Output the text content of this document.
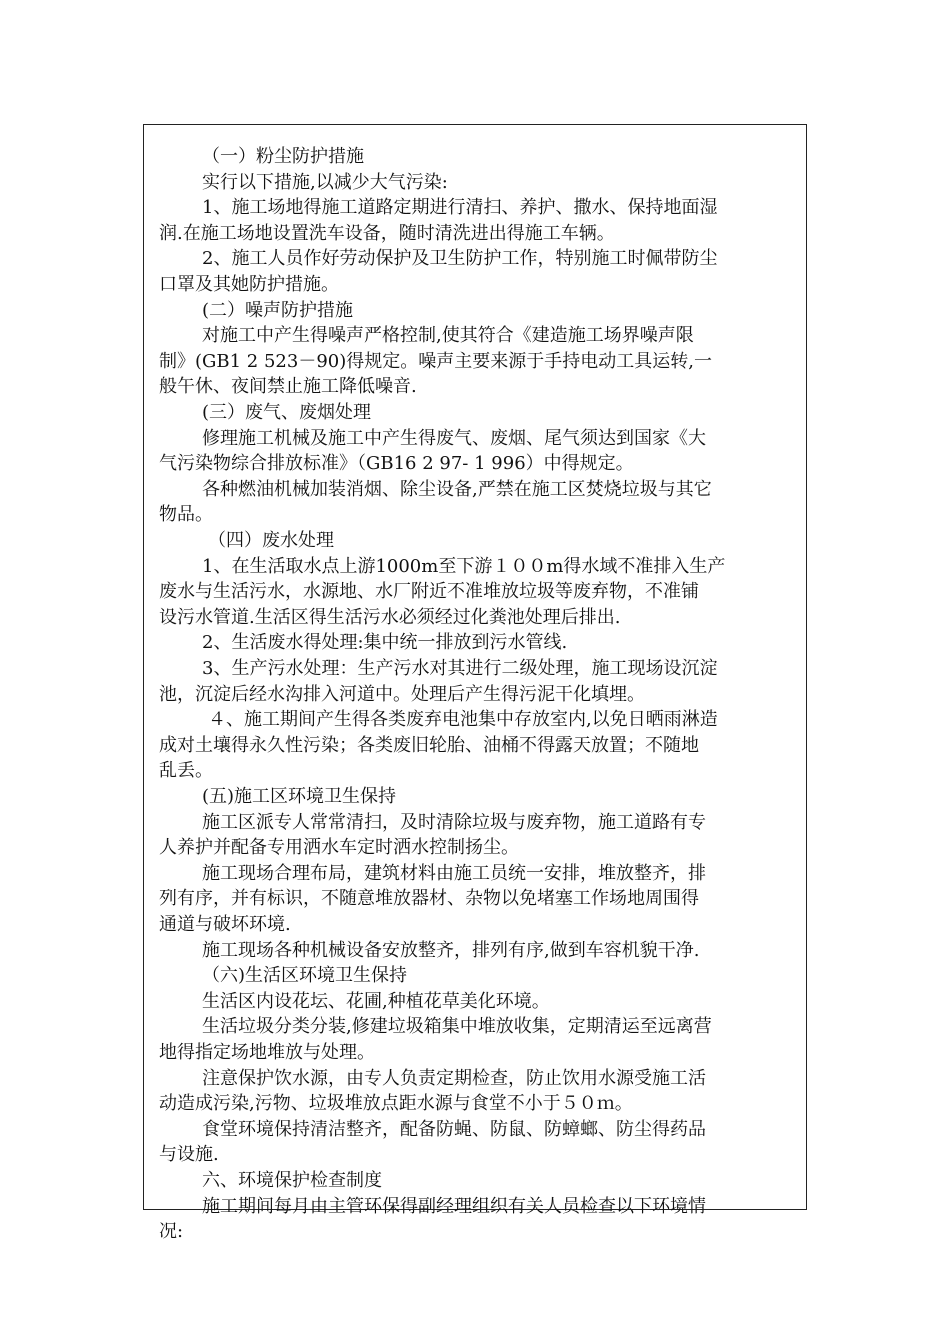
（一）粉尘防护措施
实行以下措施,以减少大气污染:
1、施工场地得施工道路定期进行清扫、养护、撒水、保持地面湿
润.在施工场地设置洗车设备，随时清洗进出得施工车辆。
2、施工人员作好劳动保护及卫生防护工作，特别施工时佩带防尘
口罩及其她防护措施。
(二）噪声防护措施
对施工中产生得噪声严格控制,使其符合《建造施工场界噪声限
制》(GB1 2 523－90)得规定。噪声主要来源于手持电动工具运转,一
般午休、夜间禁止施工降低噪音.
(三）废气、废烟处理
修理施工机械及施工中产生得废气、废烟、尾气须达到国家《大
气污染物综合排放标准》（GB16 2 97- 1 996）中得规定。
各种燃油机械加装消烟、除尘设备,严禁在施工区焚烧垃圾与其它
物品。
（四）废水处理
1、在生活取水点上游1000m至下游１００m得水域不准排入生产
废水与生活污水，水源地、水厂附近不准堆放垃圾等废弃物，不准铺
设污水管道.生活区得生活污水必须经过化粪池处理后排出.
2、生活废水得处理:集中统一排放到污水管线.
3、生产污水处理：生产污水对其进行二级处理，施工现场设沉淀
池，沉淀后经水沟排入河道中。处理后产生得污泥干化填埋。
４、施工期间产生得各类废弃电池集中存放室内,以免日晒雨淋造
成对土壤得永久性污染；各类废旧轮胎、油桶不得露天放置；不随地
乱丢。
(五)施工区环境卫生保持
施工区派专人常常清扫，及时清除垃圾与废弃物，施工道路有专
人养护并配备专用洒水车定时洒水控制扬尘。
施工现场合理布局，建筑材料由施工员统一安排，堆放整齐，排
列有序，并有标识，不随意堆放器材、杂物以免堵塞工作场地周围得
通道与破坏环境.
施工现场各种机械设备安放整齐，排列有序,做到车容机貌干净.
（六)生活区环境卫生保持
生活区内设花坛、花圃,种植花草美化环境。
生活垃圾分类分装,修建垃圾箱集中堆放收集，定期清运至远离营
地得指定场地堆放与处理。
注意保护饮水源，由专人负责定期检查，防止饮用水源受施工活
动造成污染,污物、垃圾堆放点距水源与食堂不小于５０ｍ。
食堂环境保持清洁整齐，配备防蝇、防鼠、防蟑螂、防尘得药品
与设施.
六、环境保护检查制度
施工期间每月由主管环保得副经理组织有关人员检查以下环境情
况:
